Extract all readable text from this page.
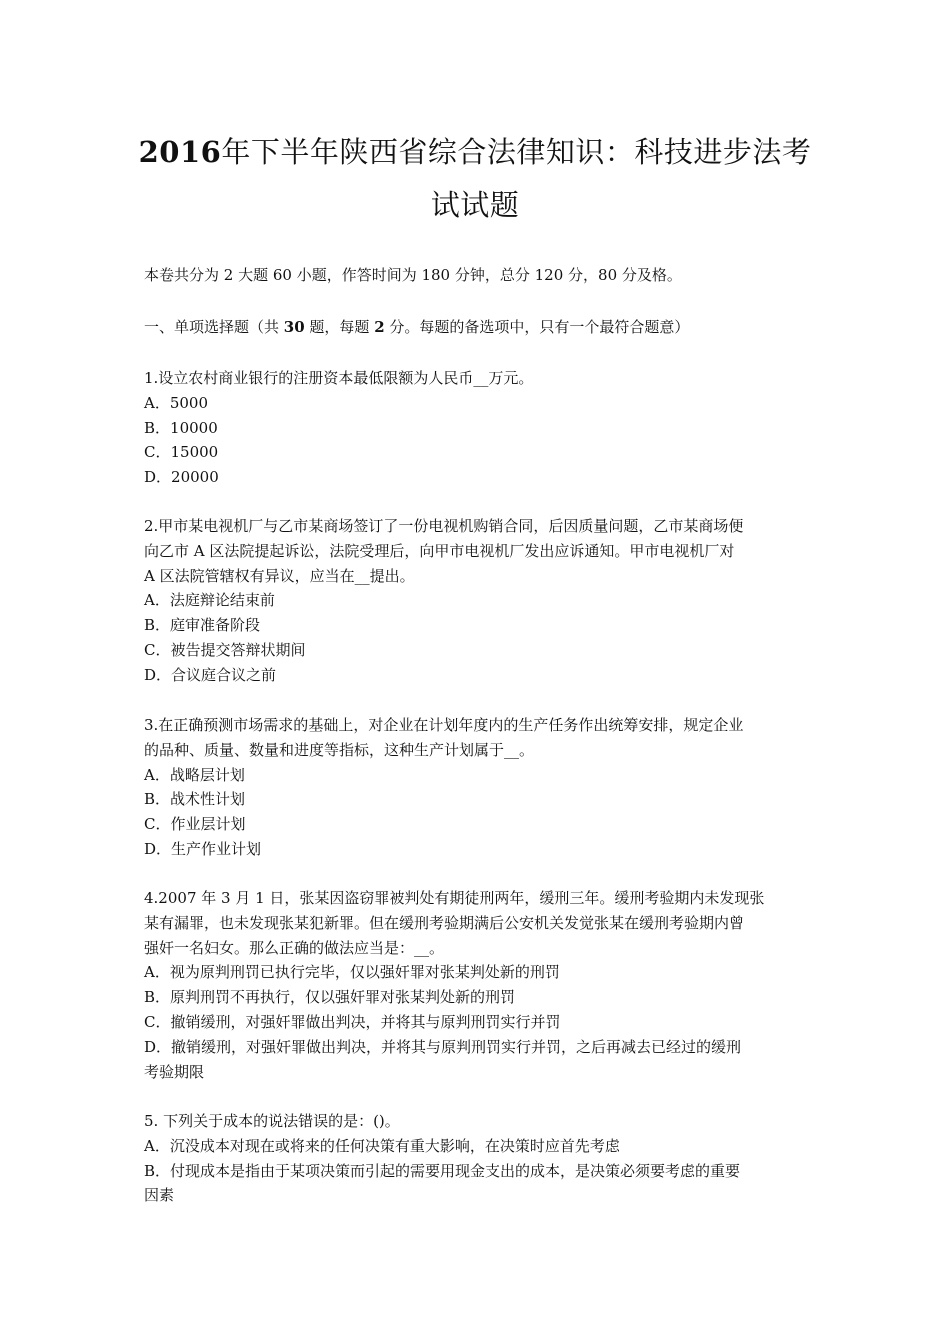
2016年下半年陕西省综合法律知识：科技进步法考
试试题
本卷共分为 2 大题 60 小题，作答时间为 180 分钟，总分 120 分，80 分及格。
一、单项选择题（共 30 题，每题 2 分。每题的备选项中，只有一个最符合题意）
1.设立农村商业银行的注册资本最低限额为人民币__万元。
A．5000
B．10000
C．15000
D．20000
2.甲市某电视机厂与乙市某商场签订了一份电视机购销合同，后因质量问题，乙市某商场便
向乙市 A 区法院提起诉讼，法院受理后，向甲市电视机厂发出应诉通知。甲市电视机厂对
A 区法院管辖权有异议，应当在__提出。
A．法庭辩论结束前
B．庭审准备阶段
C．被告提交答辩状期间
D．合议庭合议之前
3.在正确预测市场需求的基础上，对企业在计划年度内的生产任务作出统筹安排，规定企业
的品种、质量、数量和进度等指标，这种生产计划属于__。
A．战略层计划
B．战术性计划
C．作业层计划
D．生产作业计划
4.2007 年 3 月 1 日，张某因盗窃罪被判处有期徒刑两年，缓刑三年。缓刑考验期内未发现张
某有漏罪，也未发现张某犯新罪。但在缓刑考验期满后公安机关发觉张某在缓刑考验期内曾
强奸一名妇女。那么正确的做法应当是：__。
A．视为原判刑罚已执行完毕，仅以强奸罪对张某判处新的刑罚
B．原判刑罚不再执行，仅以强奸罪对张某判处新的刑罚
C．撤销缓刑，对强奸罪做出判决，并将其与原判刑罚实行并罚
D．撤销缓刑，对强奸罪做出判决，并将其与原判刑罚实行并罚，之后再减去已经过的缓刑
考验期限
5. 下列关于成本的说法错误的是：()。
A．沉没成本对现在或将来的任何决策有重大影响，在决策时应首先考虑
B．付现成本是指由于某项决策而引起的需要用现金支出的成本，是决策必须要考虑的重要
因素
